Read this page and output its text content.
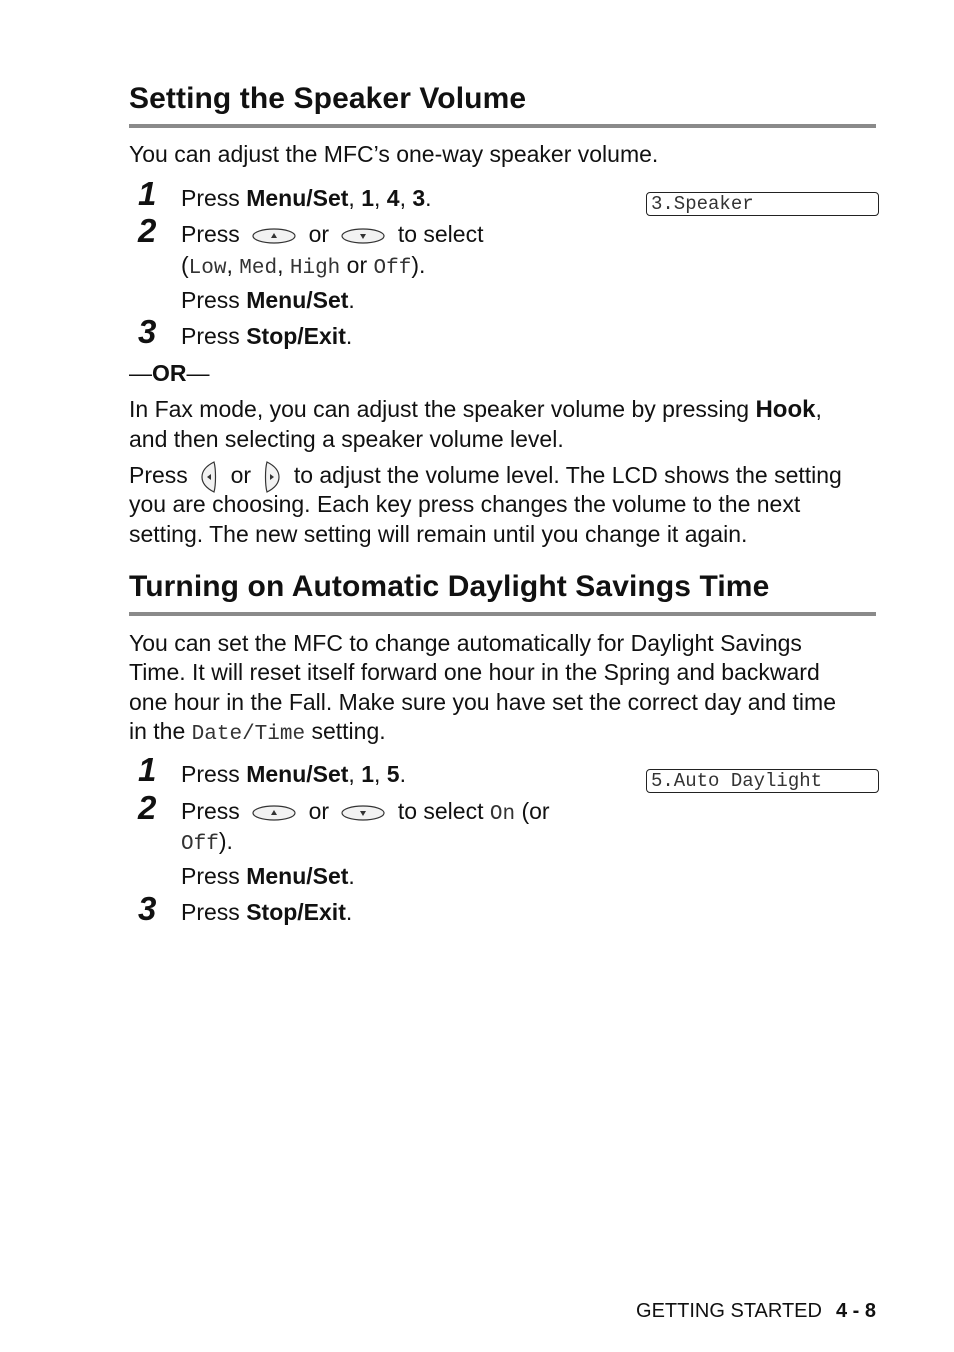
Setting the Speaker Volume
You can adjust the MFC’s one-way speaker volume.
3.Speaker
1	Press Menu/Set, 1, 4, 3.
2	Press	or	to select
(Low, Med, High or Off).
Press Menu/Set.
3	Press Stop/Exit.
—OR—
In Fax mode, you can adjust the speaker volume by pressing Hook,
and then selecting a speaker volume level.
Press or to adjust the volume level. The LCD shows the setting
you are choosing. Each key press changes the volume to the next
setting. The new setting will remain until you change it again.
Turning on Automatic Daylight Savings Time
You can set the MFC to change automatically for Daylight Savings
Time. It will reset itself forward one hour in the Spring and backward
one hour in the Fall. Make sure you have set the correct day and time
in the Date/Time setting.
5.Auto Daylight
1	Press Menu/Set, 1, 5.
2	Press	or	to select On (or
Off).
Press Menu/Set.
3	Press Stop/Exit.
GETTING STARTED 4 - 8
